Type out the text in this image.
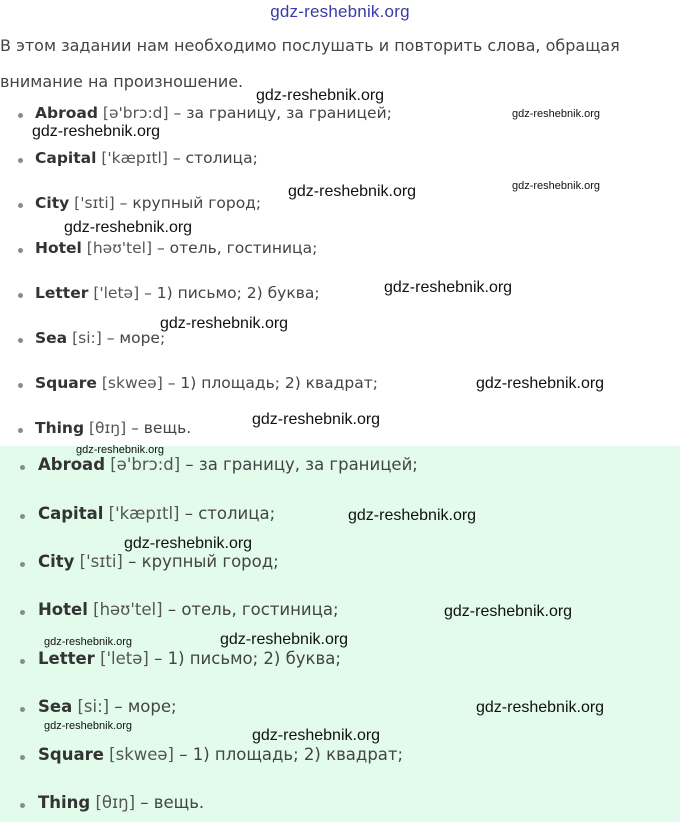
gdz-reshebnik.org
В этом задании нам необходимо послушать и повторить слова, обращая внимание на произношение.
Abroad [ə'brɔ:d] – за границу, за границей;
Capital ['kæpɪtl] – столица;
City ['sɪti] – крупный город;
Hotel [həʊ'tel] – отель, гостиница;
Letter ['letə] – 1) письмо; 2) буква;
Sea [si:] – море;
Square [skweə] – 1) площадь; 2) квадрат;
Thing [θɪŋ] – вещь.
Abroad [ə'brɔ:d] – за границу, за границей;
Capital ['kæpɪtl] – столица;
City ['sɪti] – крупный город;
Hotel [həʊ'tel] – отель, гостиница;
Letter ['letə] – 1) письмо; 2) буква;
Sea [si:] – море;
Square [skweə] – 1) площадь; 2) квадрат;
Thing [θɪŋ] – вещь.
gdz-reshebnik.org
gdz-reshebnik.org
gdz-reshebnik.org
gdz-reshebnik.org
gdz-reshebnik.org
gdz-reshebnik.org
gdz-reshebnik.org
gdz-reshebnik.org
gdz-reshebnik.org
gdz-reshebnik.org
gdz-reshebnik.org
gdz-reshebnik.org
gdz-reshebnik.org
gdz-reshebnik.org
gdz-reshebnik.org	gdz-reshebnik.org
gdz-reshebnik.org
gdz-reshebnik.org
gdz-reshebnik.org
